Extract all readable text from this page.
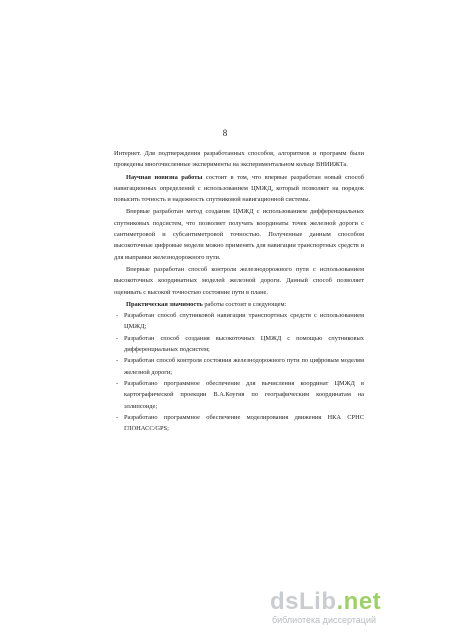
8

Интернет. Для подтверждения разработанных способов, алгоритмов и программ были проведены многочисленные эксперименты на экспериментальном кольце ВНИИЖТа.

Научная новизна работы состоит в том, что впервые разработан новый способ навигационных определений с использованием ЦМЖД, который позволяет на порядок повысить точность и надежность спутниковой навигационной системы.

Впервые разработан метод создания ЦМЖД с использованием дифференциальных спутниковых подсистем, что позволяет получать координаты точек железной дороги с сантиметровой и субсантиметровой точностью. Полученные данным способом высокоточные цифровые модели можно применять для навигации транспортных средств и для выправки железнодорожного пути.

Впервые разработан способ контроля железнодорожного пути с использованием высокоточных координатных моделей железной дороги. Данный способ позволяет оценивать с высокой точностью состояние пути в плане.

Практическая значимость работы состоит в следующем:

- Разработан способ спутниковой навигации транспортных средств с использованием ЦМЖД;
- Разработан способ создания высокоточных ЦМЖД с помощью спутниковых дифференциальных подсистем;
- Разработан способ контроля состояния железнодорожного пути по цифровым моделям железной дороги;
- Разработано программное обеспечение для вычисления координат ЦМЖД в картографической проекции В.А.Коугия по географическим координатам на эллипсоиде;
- Разработано программное обеспечение моделирования движения НКА СРНС ГЛОНАСС/GPS;
dsLib.net
библиотека диссертаций
